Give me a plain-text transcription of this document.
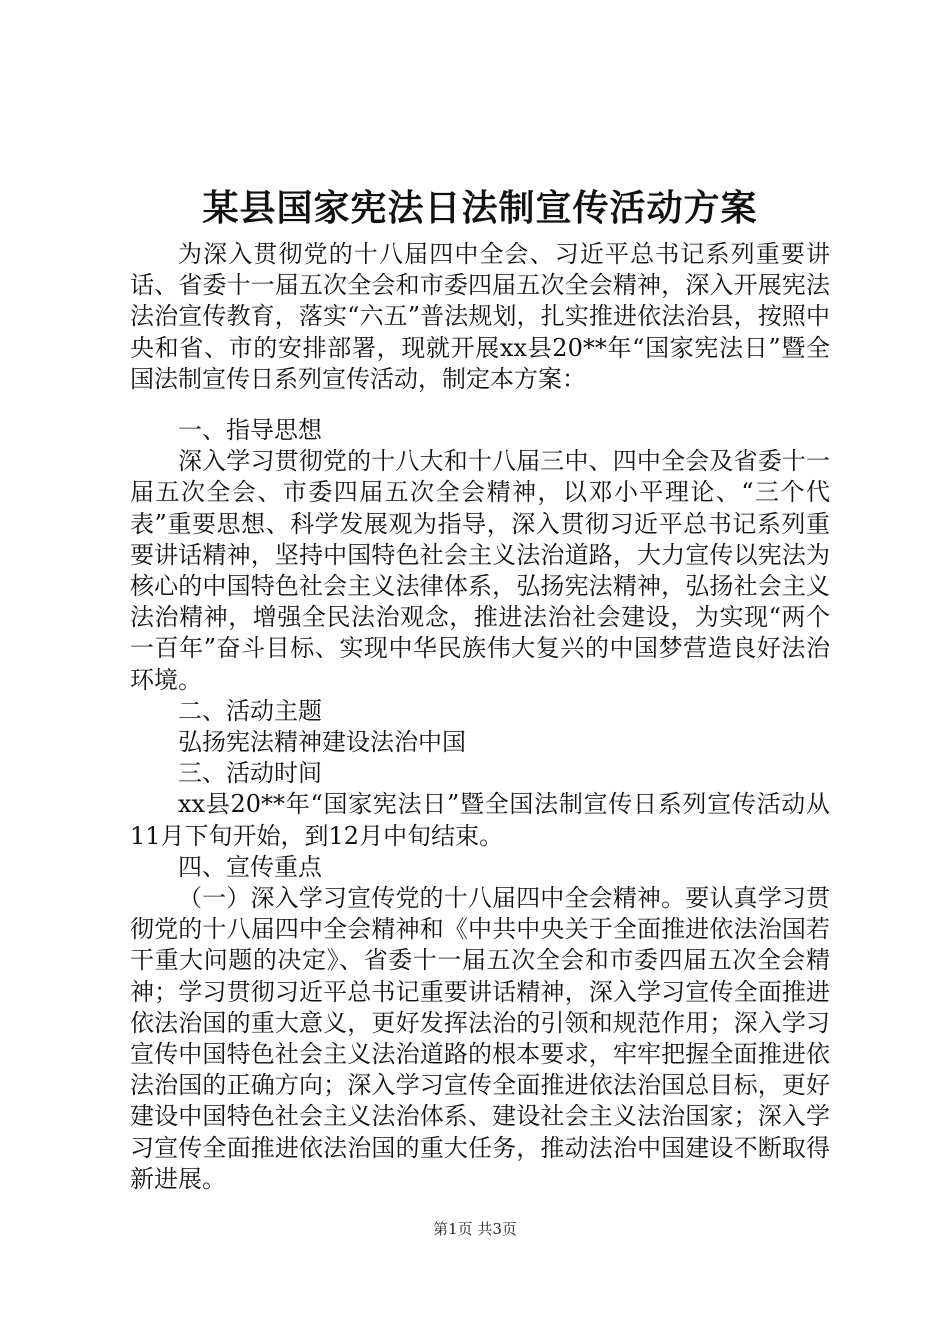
某县国家宪法日法制宣传活动方案

为深入贯彻党的十八届四中全会、习近平总书记系列重要讲话、省委十一届五次全会和市委四届五次全会精神，深入开展宪法法治宣传教育，落实“六五”普法规划，扎实推进依法治县，按照中央和省、市的安排部署，现就开展xx县20**年“国家宪法日”暨全国法制宣传日系列宣传活动，制定本方案：

一、指导思想

深入学习贯彻党的十八大和十八届三中、四中全会及省委十一届五次全会、市委四届五次全会精神，以邓小平理论、“三个代表”重要思想、科学发展观为指导，深入贯彻习近平总书记系列重要讲话精神，坚持中国特色社会主义法治道路，大力宣传以宪法为核心的中国特色社会主义法律体系，弘扬宪法精神，弘扬社会主义法治精神，增强全民法治观念，推进法治社会建设，为实现“两个一百年”奋斗目标、实现中华民族伟大复兴的中国梦营造良好法治环境。

二、活动主题

弘扬宪法精神建设法治中国

三、活动时间

xx县20**年“国家宪法日”暨全国法制宣传日系列宣传活动从11月下旬开始，到12月中旬结束。

四、宣传重点

（一）深入学习宣传党的十八届四中全会精神。要认真学习贯彻党的十八届四中全会精神和《中共中央关于全面推进依法治国若干重大问题的决定》、省委十一届五次全会和市委四届五次全会精神；学习贯彻习近平总书记重要讲话精神，深入学习宣传全面推进依法治国的重大意义，更好发挥法治的引领和规范作用；深入学习宣传中国特色社会主义法治道路的根本要求，牢牢把握全面推进依法治国的正确方向；深入学习宣传全面推进依法治国总目标，更好建设中国特色社会主义法治体系、建设社会主义法治国家；深入学习宣传全面推进依法治国的重大任务，推动法治中国建设不断取得新进展。

第1页 共3页
